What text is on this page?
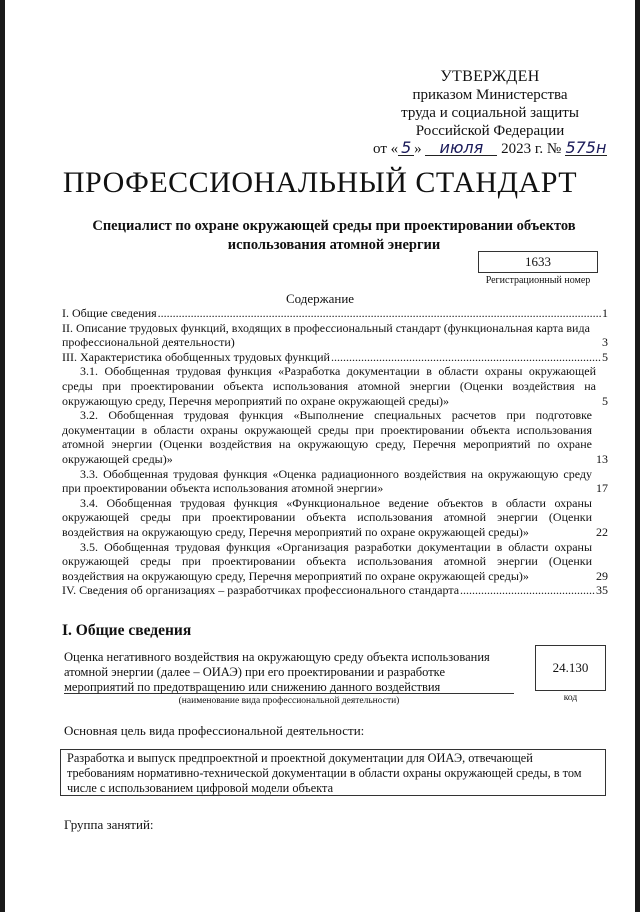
УТВЕРЖДЕН
приказом Министерства
труда и социальной защиты
Российской Федерации
от « 5 » июля 2023 г. № 575н
ПРОФЕССИОНАЛЬНЫЙ СТАНДАРТ
Специалист по охране окружающей среды при проектировании объектов использования атомной энергии
1633
Регистрационный номер
Содержание
I. Общие сведения .....	1
II. Описание трудовых функций, входящих в профессиональный стандарт (функциональная карта вида профессиональной деятельности)	3
III. Характеристика обобщенных трудовых функций .....	5
3.1. Обобщенная трудовая функция «Разработка документации в области охраны окружающей среды при проектировании объекта использования атомной энергии (Оценки воздействия на окружающую среду, Перечня мероприятий по охране окружающей среды)»	5
3.2. Обобщенная трудовая функция «Выполнение специальных расчетов при подготовке документации в области охраны окружающей среды при проектировании объекта использования атомной энергии (Оценки воздействия на окружающую среду, Перечня мероприятий по охране окружающей среды)»	13
3.3. Обобщенная трудовая функция «Оценка радиационного воздействия на окружающую среду при проектировании объекта использования атомной энергии»	17
3.4. Обобщенная трудовая функция «Функциональное ведение объектов в области охраны окружающей среды при проектировании объекта использования атомной энергии (Оценки воздействия на окружающую среду, Перечня мероприятий по охране окружающей среды)»	22
3.5. Обобщенная трудовая функция «Организация разработки документации в области охраны окружающей среды при проектировании объекта использования атомной энергии (Оценки воздействия на окружающую среду, Перечня мероприятий по охране окружающей среды)»	29
IV. Сведения об организациях – разработчиках профессионального стандарта .....	35
I. Общие сведения
Оценка негативного воздействия на окружающую среду объекта использования атомной энергии (далее – ОИАЭ) при его проектировании и разработке мероприятий по предотвращению или снижению данного воздействия
(наименование вида профессиональной деятельности)
24.130
код
Основная цель вида профессиональной деятельности:
Разработка и выпуск предпроектной и проектной документации для ОИАЭ, отвечающей требованиям нормативно-технической документации в области охраны окружающей среды, в том числе с использованием цифровой модели объекта
Группа занятий:
